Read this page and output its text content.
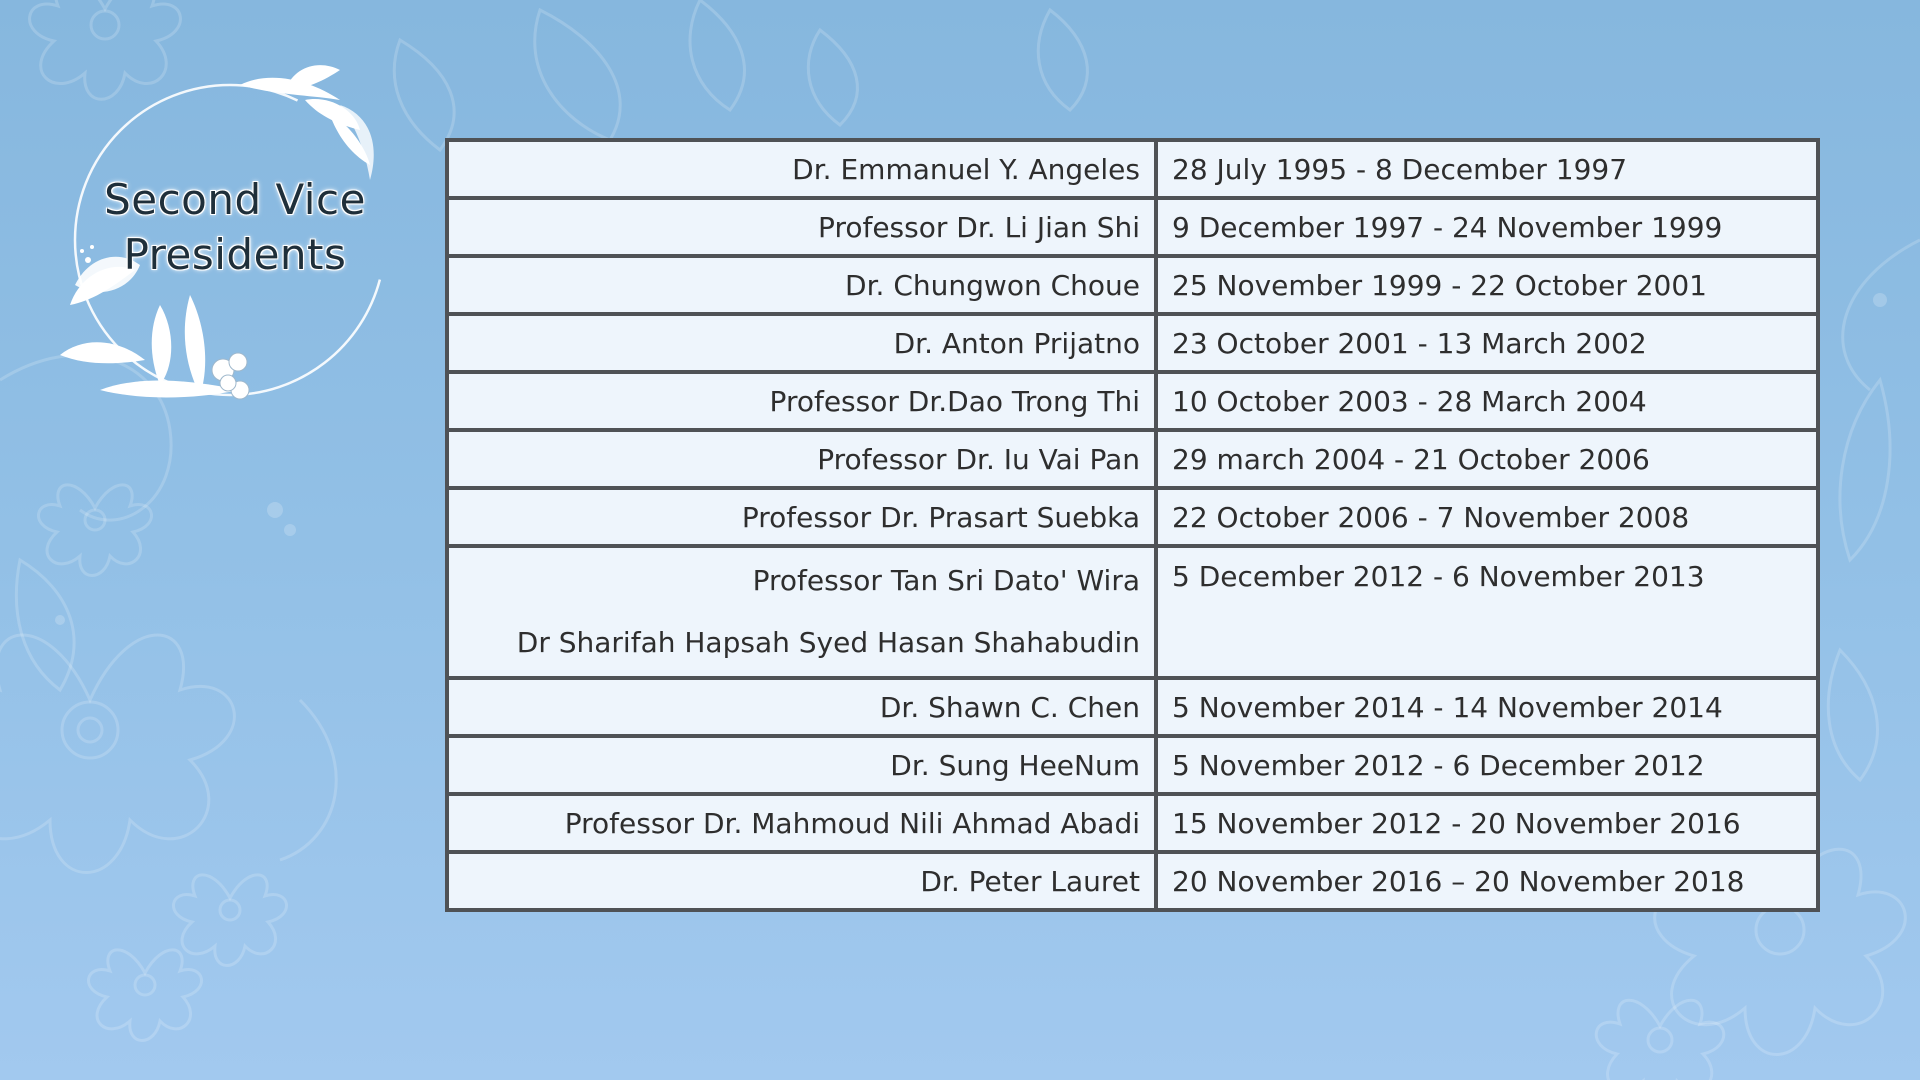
Second Vice
Presidents
Dr. Emmanuel Y. Angeles	28 July 1995 - 8 December 1997
Professor Dr. Li Jian Shi	9 December 1997 - 24 November 1999
Dr. Chungwon Choue	25 November 1999 - 22 October 2001
Dr. Anton Prijatno	23 October 2001 - 13 March 2002
Professor Dr.Dao Trong Thi	10 October 2003 - 28 March 2004
Professor Dr. Iu Vai Pan	29 march 2004 - 21 October 2006
Professor Dr. Prasart Suebka	22 October 2006 - 7 November 2008

Professor Tan Sri Dato' Wira
Dr Sharifah Hapsah Syed Hasan Shahabudin	5 December 2012 - 6 November 2013
Dr. Shawn C. Chen	5 November 2014 - 14 November 2014
Dr. Sung HeeNum	5 November 2012 - 6 December 2012
Professor Dr. Mahmoud Nili Ahmad Abadi	15 November 2012 - 20 November 2016
Dr. Peter Lauret	20 November 2016 – 20 November 2018
